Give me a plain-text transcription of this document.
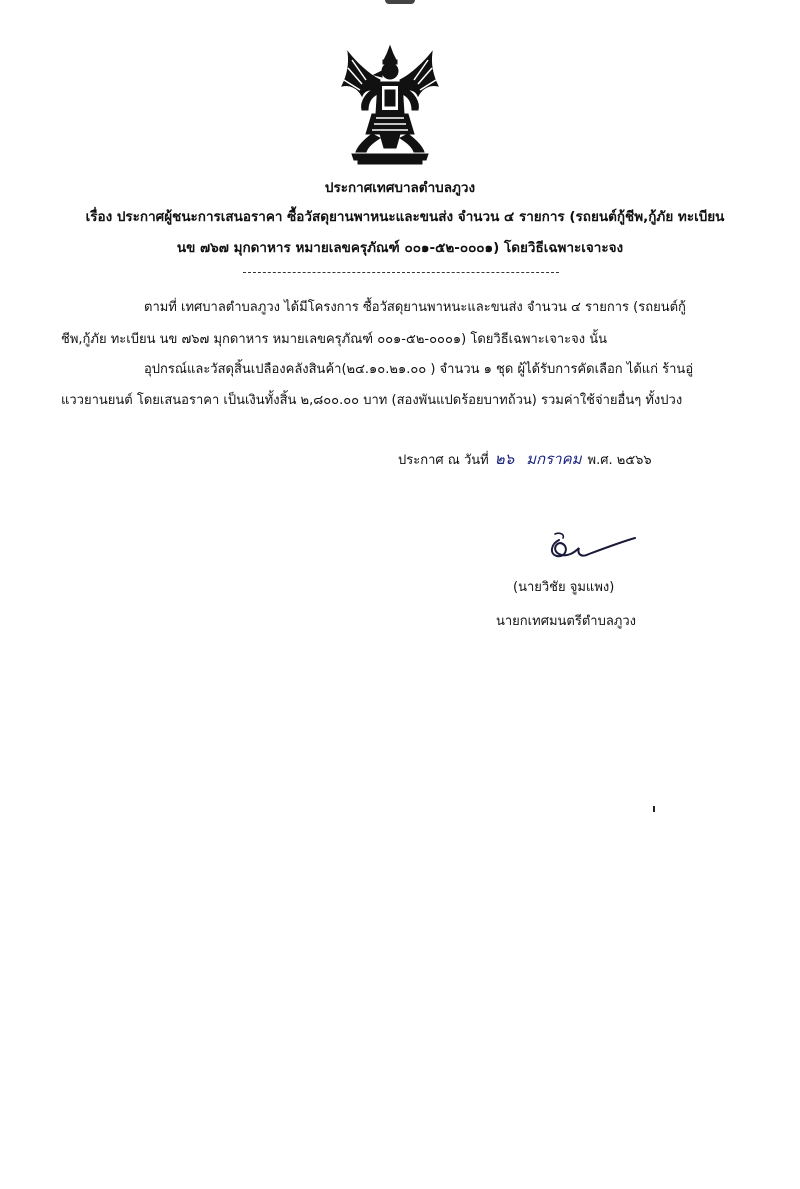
ประกาศเทศบาลตำบลภูวง
เรื่อง ประกาศผู้ชนะการเสนอราคา ซื้อวัสดุยานพาหนะและขนส่ง จำนวน ๔ รายการ (รถยนต์กู้ชีพ,กู้ภัย ทะเบียน
นข ๗๖๗ มุกดาหาร หมายเลขครุภัณฑ์ ๐๐๑-๕๒-๐๐๐๑) โดยวิธีเฉพาะเจาะจง
ตามที่ เทศบาลตำบลภูวง ได้มีโครงการ ซื้อวัสดุยานพาหนะและขนส่ง จำนวน ๔ รายการ (รถยนต์กู้
ชีพ,กู้ภัย ทะเบียน นข ๗๖๗ มุกดาหาร หมายเลขครุภัณฑ์ ๐๐๑-๕๒-๐๐๐๑) โดยวิธีเฉพาะเจาะจง นั้น
อุปกรณ์และวัสดุสิ้นเปลืองคลังสินค้า(๒๔.๑๐.๒๑.๐๐ ) จำนวน ๑ ชุด ผู้ได้รับการคัดเลือก ได้แก่ ร้านอู่
แววยานยนต์ โดยเสนอราคา เป็นเงินทั้งสิ้น ๒,๘๐๐.๐๐ บาท (สองพันแปดร้อยบาทถ้วน) รวมค่าใช้จ่ายอื่นๆ ทั้งปวง
ประกาศ ณ วันที่ ๒๖ มกราคม พ.ศ. ๒๕๖๖
(นายวิชัย จูมแพง)
นายกเทศมนตรีตำบลภูวง
